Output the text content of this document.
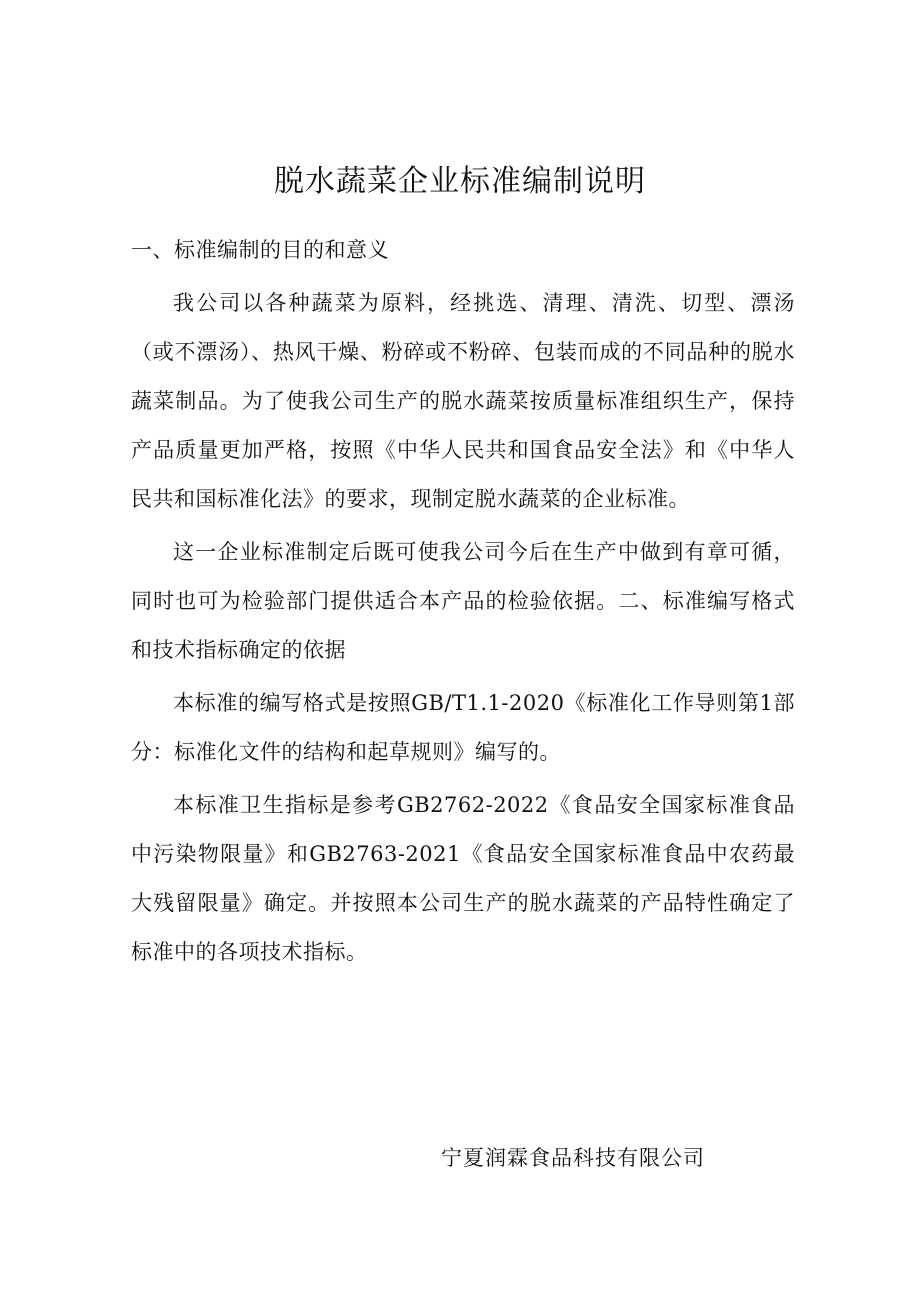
脱水蔬菜企业标准编制说明

一、标准编制的目的和意义

我公司以各种蔬菜为原料，经挑选、清理、清洗、切型、漂汤（或不漂汤）、热风干燥、粉碎或不粉碎、包装而成的不同品种的脱水蔬菜制品。为了使我公司生产的脱水蔬菜按质量标准组织生产，保持产品质量更加严格，按照《中华人民共和国食品安全法》和《中华人民共和国标准化法》的要求，现制定脱水蔬菜的企业标准。

这一企业标准制定后既可使我公司今后在生产中做到有章可循，同时也可为检验部门提供适合本产品的检验依据。二、标准编写格式和技术指标确定的依据

本标准的编写格式是按照GB/T1.1-2020《标准化工作导则第1部分：标准化文件的结构和起草规则》编写的。

本标准卫生指标是参考GB2762-2022《食品安全国家标准食品中污染物限量》和GB2763-2021《食品安全国家标准食品中农药最大残留限量》确定。并按照本公司生产的脱水蔬菜的产品特性确定了标准中的各项技术指标。

宁夏润霖食品科技有限公司
